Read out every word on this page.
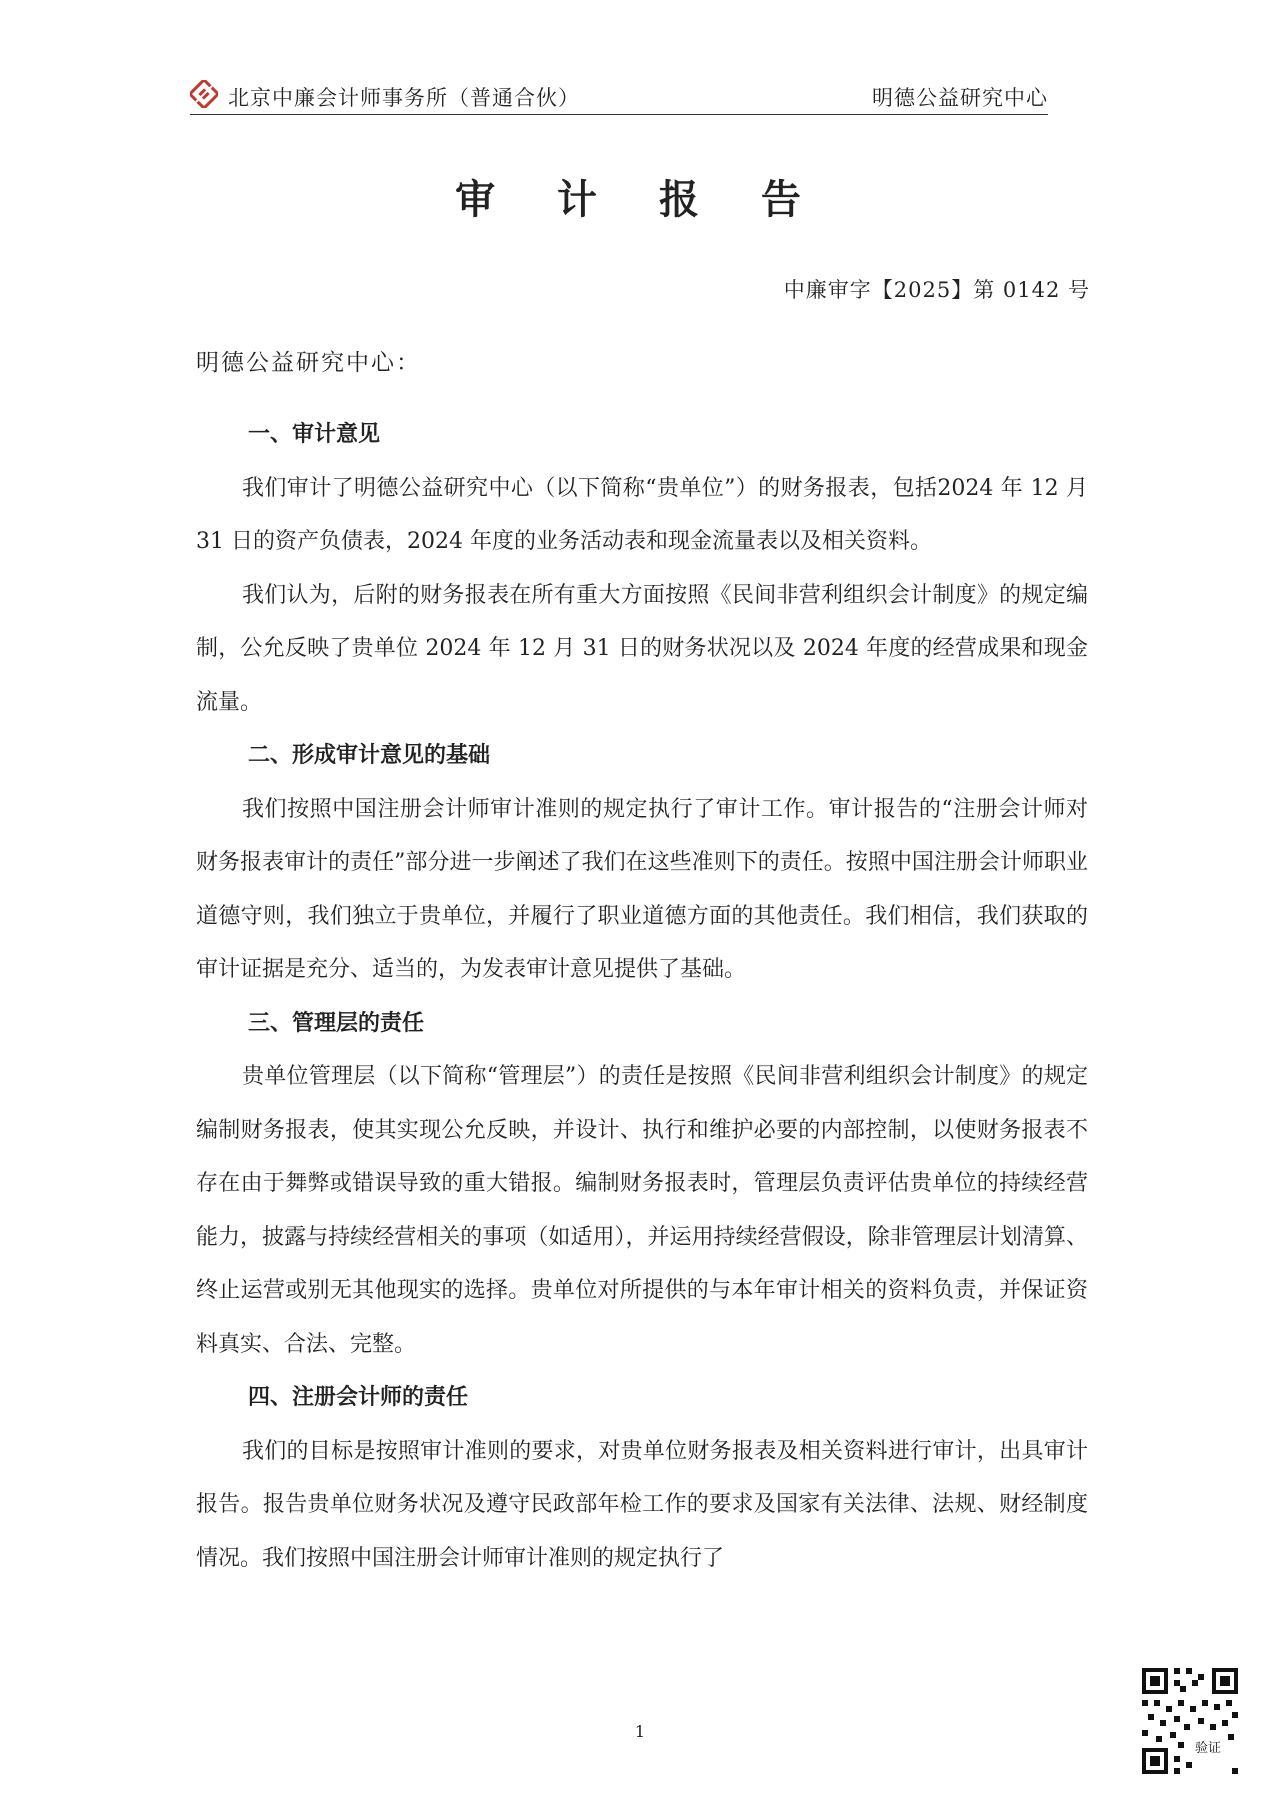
北京中廉会计师事务所（普通合伙）	明德公益研究中心
审 计 报 告
中廉审字【2025】第 0142 号
明德公益研究中心：

一、审计意见

我们审计了明德公益研究中心（以下简称“贵单位”）的财务报表，包括2024 年 12 月 31 日的资产负债表，2024 年度的业务活动表和现金流量表以及相关资料。

我们认为，后附的财务报表在所有重大方面按照《民间非营利组织会计制度》的规定编制，公允反映了贵单位 2024 年 12 月 31 日的财务状况以及 2024 年度的经营成果和现金流量。

二、形成审计意见的基础

我们按照中国注册会计师审计准则的规定执行了审计工作。审计报告的“注册会计师对财务报表审计的责任”部分进一步阐述了我们在这些准则下的责任。按照中国注册会计师职业道德守则，我们独立于贵单位，并履行了职业道德方面的其他责任。我们相信，我们获取的审计证据是充分、适当的，为发表审计意见提供了基础。

三、管理层的责任

贵单位管理层（以下简称“管理层”）的责任是按照《民间非营利组织会计制度》的规定编制财务报表，使其实现公允反映，并设计、执行和维护必要的内部控制，以使财务报表不存在由于舞弊或错误导致的重大错报。编制财务报表时，管理层负责评估贵单位的持续经营能力，披露与持续经营相关的事项（如适用），并运用持续经营假设，除非管理层计划清算、终止运营或别无其他现实的选择。贵单位对所提供的与本年审计相关的资料负责，并保证资料真实、合法、完整。

四、注册会计师的责任

我们的目标是按照审计准则的要求，对贵单位财务报表及相关资料进行审计，出具审计报告。报告贵单位财务状况及遵守民政部年检工作的要求及国家有关法律、法规、财经制度情况。我们按照中国注册会计师审计准则的规定执行了

1
验证
